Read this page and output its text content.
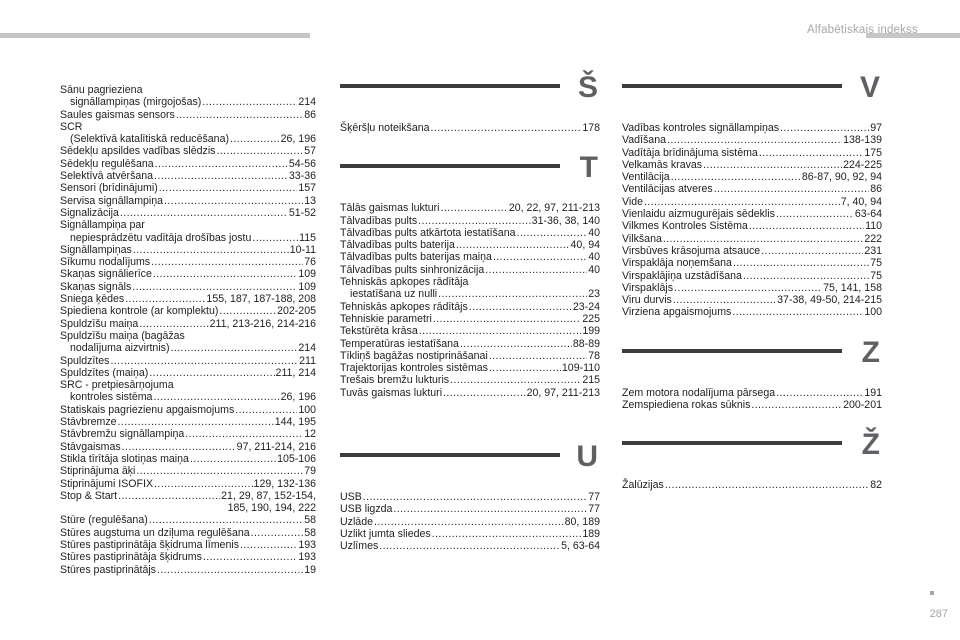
Alfabētiskais indekss
Sānu pagrieziena
signāllampiņas (mirgojošas) .....	214
Saules gaismas sensors .....	86
SCR
(Selektīvā katalītiskā reducēšana) .....	26, 196
Sēdekļu apsildes vadības slēdzis .....	57
Sēdekļu regulēšana .....	54-56
Selektīvā atvēršana .....	33-36
Sensori (brīdinājumi) .....	157
Servisa signāllampiņa .....	13
Signalizācija .....	51-52
Signāllampiņa par
nepiesprādzētu vadītāja drošības jostu .....	115
Signāllampiņas .....	10-11
Sīkumu nodalījums .....	76
Skaņas signālierīce .....	109
Skaņas signāls .....	109
Sniega ķēdes .....	155, 187, 187-188, 208
Spiediena kontrole (ar komplektu) .....	202-205
Spuldzīšu maiņa .....	211, 213-216, 214-216
Spuldzīšu maiņa (bagāžas
nodalījuma aizvirtnis) .....	214
Spuldzītes .....	211
Spuldzītes (maiņa) .....	211, 214
SRC - pretpiesārņojuma
kontroles sistēma .....	26, 196
Statiskais pagriezienu apgaismojums .....	100
Stāvbremze .....	144, 195
Stāvbremžu signāllampiņa .....	12
Stāvgaismas .....	97, 211-214, 216
Stikla tīrītāja slotiņas maiņa .....	105-106
Stiprinājuma āķi .....	79
Stiprinājumi ISOFIX .....	129, 132-136
Stop & Start .....	21, 29, 87, 152-154,
185, 190, 194, 222
Stūre (regulēšana) .....	58
Stūres augstuma un dziļuma regulēšana .....	58
Stūres pastiprinātāja šķidruma līmenis .....	193
Stūres pastiprinātāja šķidrums .....	193
Stūres pastiprinātājs .....	19
Š
Šķēršļu noteikšana .....	178
T
Tālās gaismas lukturi .....	20, 22, 97, 211-213
Tālvadības pults .....	31-36, 38, 140
Tālvadības pults atkārtota iestatīšana .....	40
Tālvadības pults baterija .....	40, 94
Tālvadības pults baterijas maiņa .....	40
Tālvadības pults sinhronizācija .....	40
Tehniskās apkopes rādītāja
iestatīšana uz nulli .....	23
Tehniskās apkopes rādītājs .....	23-24
Tehniskie parametri .....	225
Tekstūrēta krāsa .....	199
Temperatūras iestatīšana .....	88-89
Tīkliņš bagāžas nostiprināšanai .....	78
Trajektorijas kontroles sistēmas .....	109-110
Trešais bremžu lukturis .....	215
Tuvās gaismas lukturi .....	20, 97, 211-213
U
USB .....	77
USB ligzda .....	77
Uzlāde .....	80, 189
Uzlikt jumta sliedes .....	189
Uzlīmes .....	5, 63-64
V
Vadības kontroles signāllampiņas .....	97
Vadīšana .....	138-139
Vadītāja brīdinājuma sistēma .....	175
Velkamās kravas .....	224-225
Ventilācija .....	86-87, 90, 92, 94
Ventilācijas atveres .....	86
Vide .....	7, 40, 94
Vienlaidu aizmugurējais sēdeklis .....	63-64
Vilkmes Kontroles Sistēma .....	110
Vilkšana .....	222
Virsbūves krāsojuma atsauce .....	231
Virspaklāja noņemšana .....	75
Virspaklājiņa uzstādīšana .....	75
Virspaklājs .....	75, 141, 158
Viru durvis .....	37-38, 49-50, 214-215
Virziena apgaismojums .....	100
Z
Zem motora nodalījuma pārsega .....	191
Zemspiediena rokas sūknis .....	200-201
Ž
Žalūzijas .....	82
287
